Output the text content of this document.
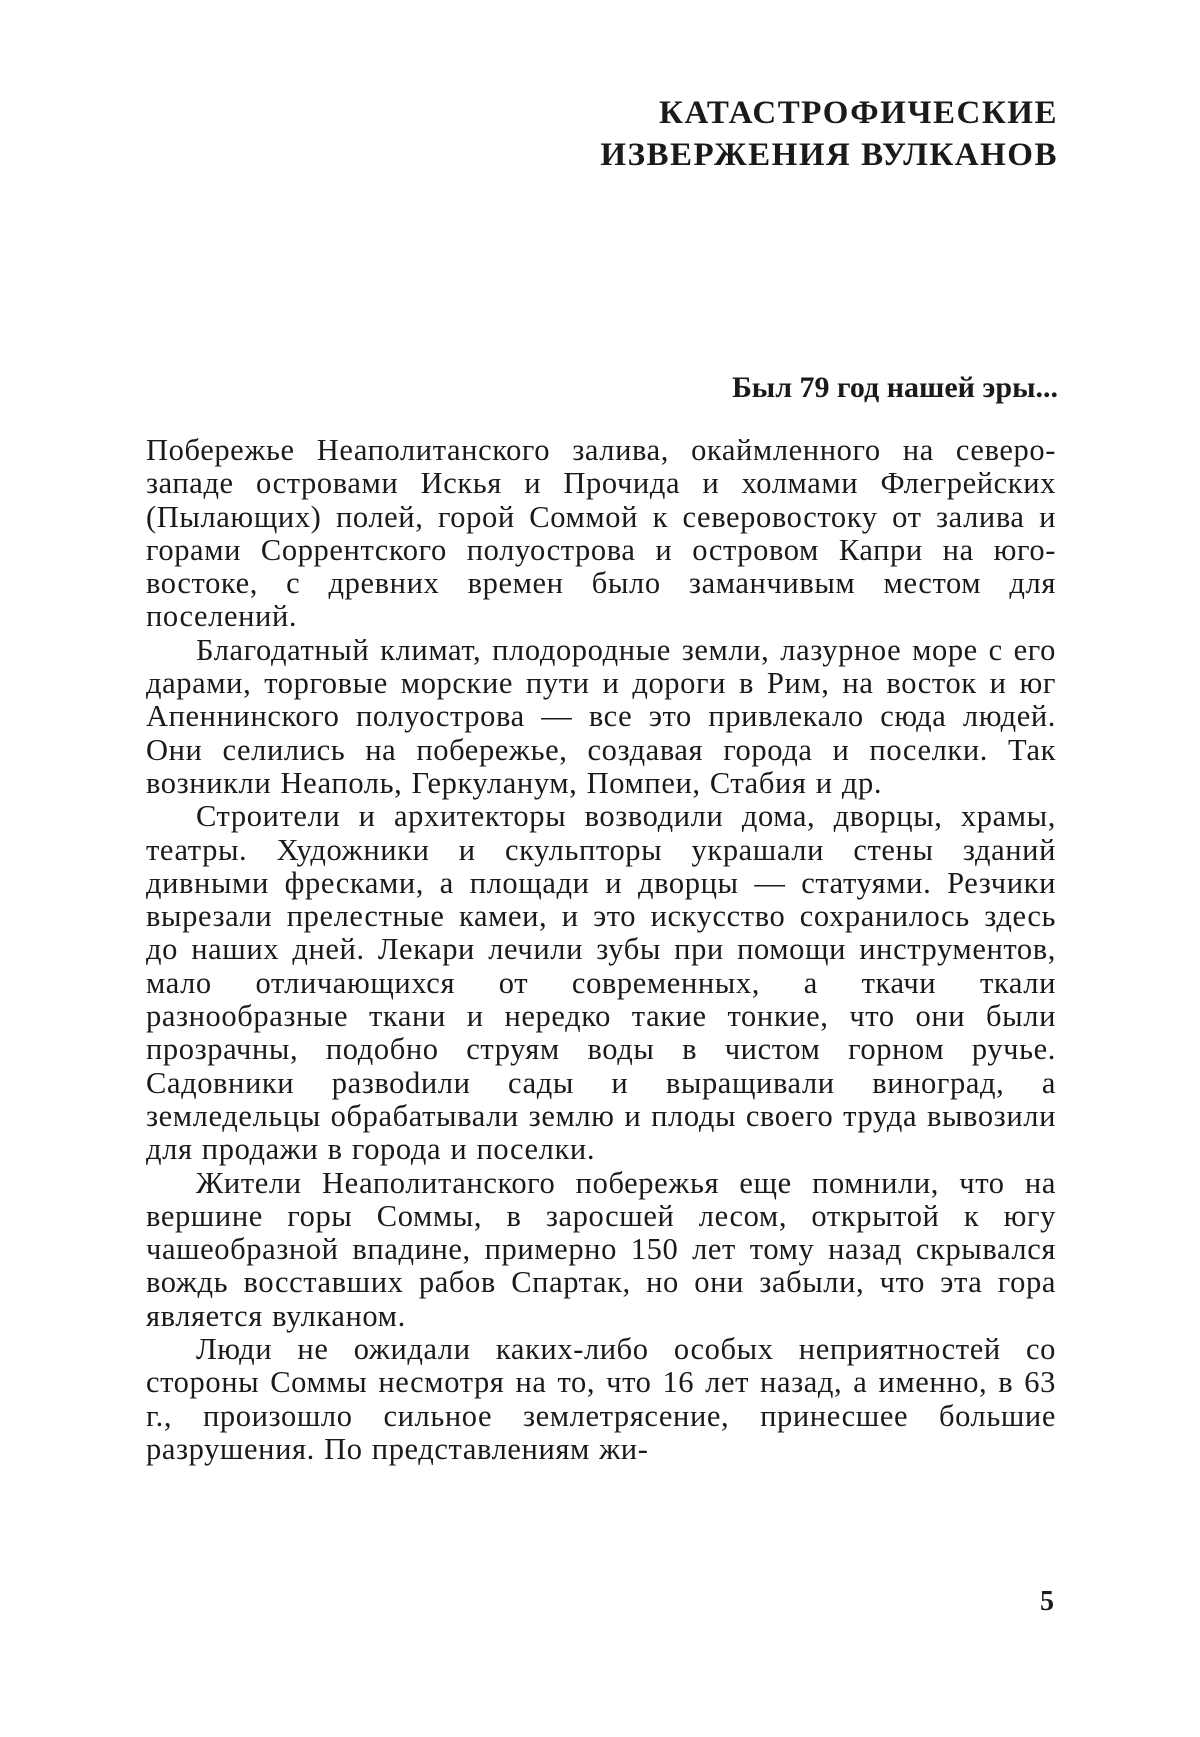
КАТАСТРОФИЧЕСКИЕ
ИЗВЕРЖЕНИЯ ВУЛКАНОВ
Был 79 год нашей эры...

Побережье Неаполитанского залива, окаймленного на северо-западе островами Искья и Прочида и холмами Флегрейских (Пылающих) полей, горой Соммой к северовостоку от залива и горами Соррентского полуострова и островом Капри на юго-востоке, с древних времен было заманчивым местом для поселений.

Благодатный климат, плодородные земли, лазурное море с его дарами, торговые морские пути и дороги в Рим, на восток и юг Апеннинского полуострова — все это привлекало сюда людей. Они селились на побережье, создавая города и поселки. Так возникли Неаполь, Геркуланум, Помпеи, Стабия и др.

Строители и архитекторы возводили дома, дворцы, храмы, театры. Художники и скульпторы украшали стены зданий дивными фресками, а площади и дворцы — статуями. Резчики вырезали прелестные камеи, и это искусство сохранилось здесь до наших дней. Лекари лечили зубы при помощи инструментов, мало отличающихся от современных, а ткачи ткали разнообразные ткани и нередко такие тонкие, что они были прозрачны, подобно струям воды в чистом горном ручье. Садовники развоdили сады и выращивали виноград, а земледельцы обрабатывали землю и плоды своего труда вывозили для продажи в города и поселки.

Жители Неаполитанского побережья еще помнили, что на вершине горы Соммы, в заросшей лесом, открытой к югу чашеобразной впадине, примерно 150 лет тому назад скрывался вождь восставших рабов Спартак, но они забыли, что эта гора является вулканом.

Люди не ожидали каких-либо особых неприятностей со стороны Соммы несмотря на то, что 16 лет назад, а именно, в 63 г., произошло сильное землетрясение, принесшее большие разрушения. По представлениям жи-

5
